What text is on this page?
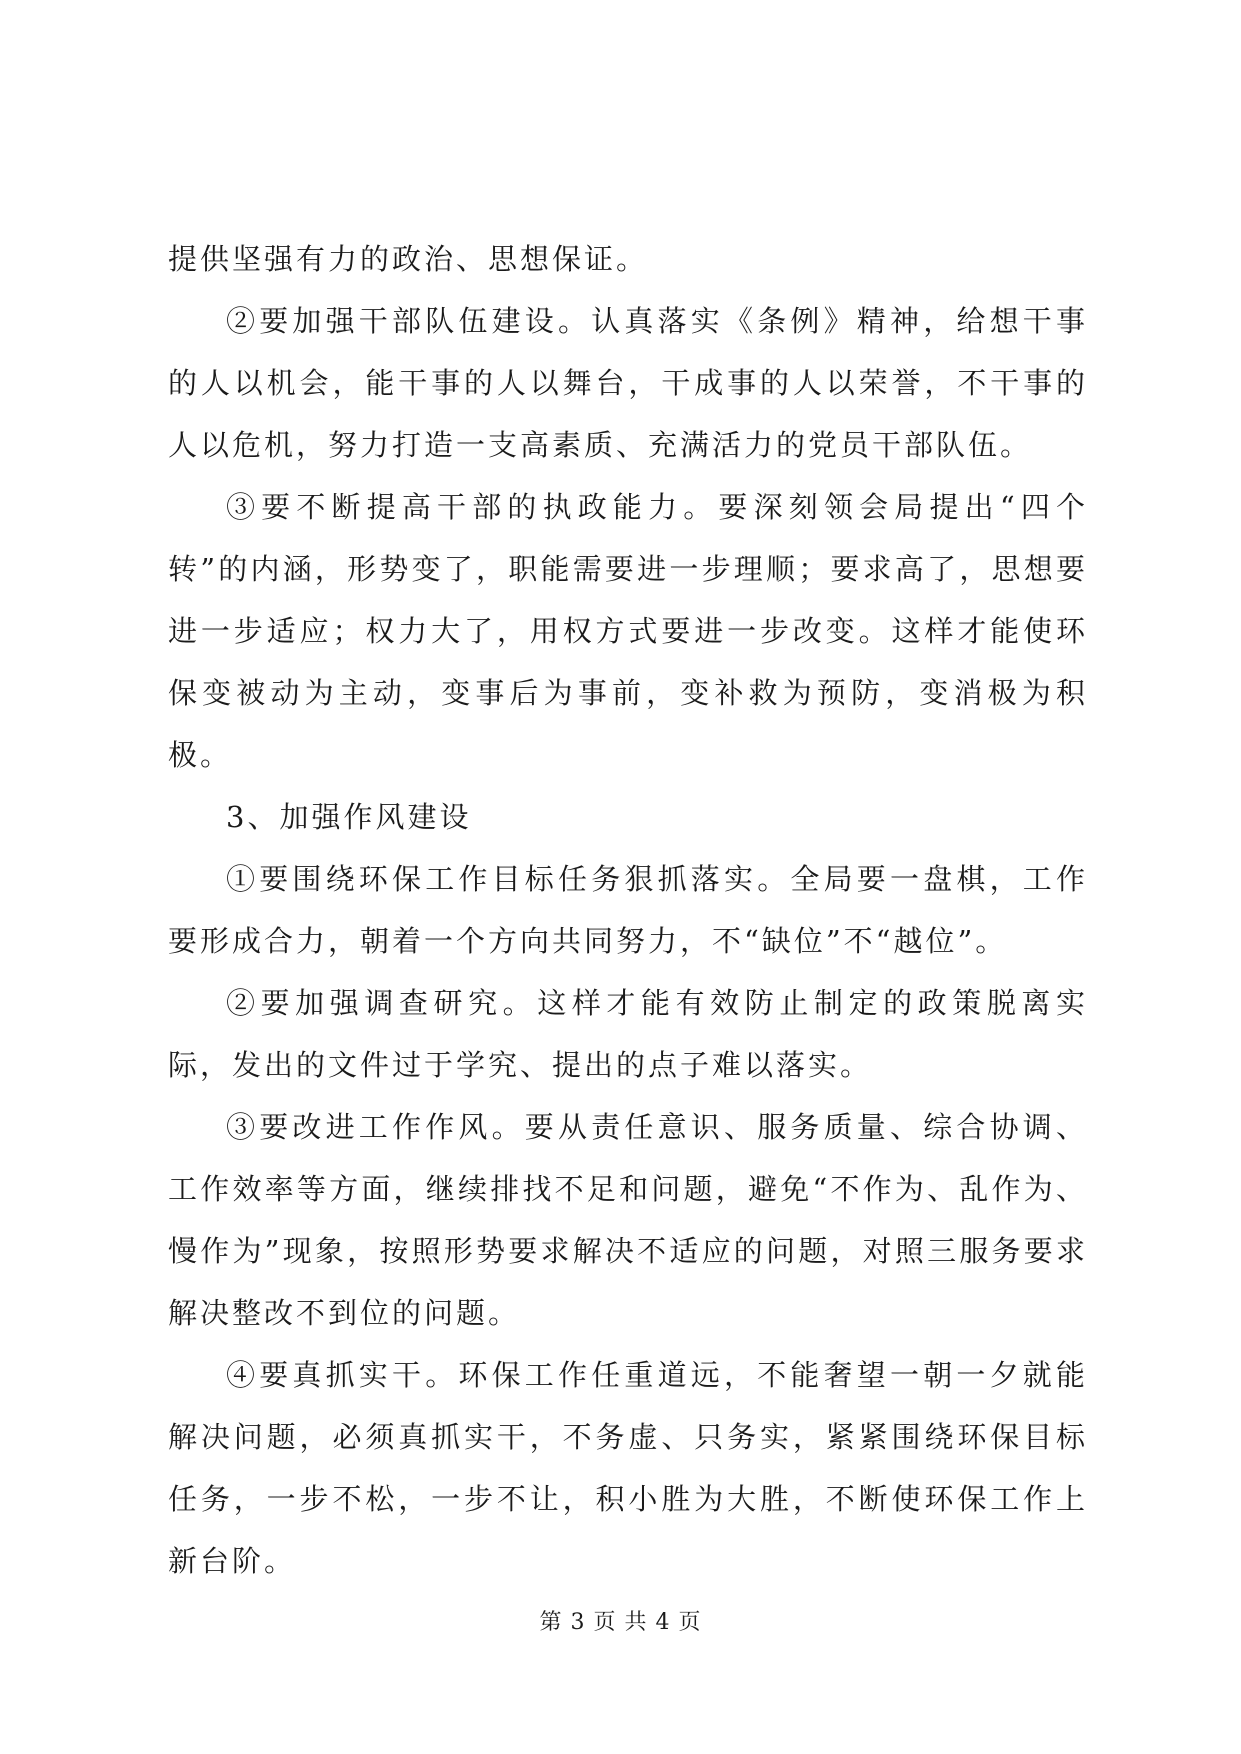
提供坚强有力的政治、思想保证。

②要加强干部队伍建设。认真落实《条例》精神，给想干事的人以机会，能干事的人以舞台，干成事的人以荣誉，不干事的人以危机，努力打造一支高素质、充满活力的党员干部队伍。

③要不断提高干部的执政能力。要深刻领会局提出“四个转”的内涵，形势变了，职能需要进一步理顺；要求高了，思想要进一步适应；权力大了，用权方式要进一步改变。这样才能使环保变被动为主动，变事后为事前，变补救为预防，变消极为积极。

3、加强作风建设

①要围绕环保工作目标任务狠抓落实。全局要一盘棋，工作要形成合力，朝着一个方向共同努力，不“缺位”不“越位”。

②要加强调查研究。这样才能有效防止制定的政策脱离实际，发出的文件过于学究、提出的点子难以落实。

③要改进工作作风。要从责任意识、服务质量、综合协调、工作效率等方面，继续排找不足和问题，避免“不作为、乱作为、慢作为”现象，按照形势要求解决不适应的问题，对照三服务要求解决整改不到位的问题。

④要真抓实干。环保工作任重道远，不能奢望一朝一夕就能解决问题，必须真抓实干，不务虚、只务实，紧紧围绕环保目标任务，一步不松，一步不让，积小胜为大胜，不断使环保工作上新台阶。

第 3 页 共 4 页
